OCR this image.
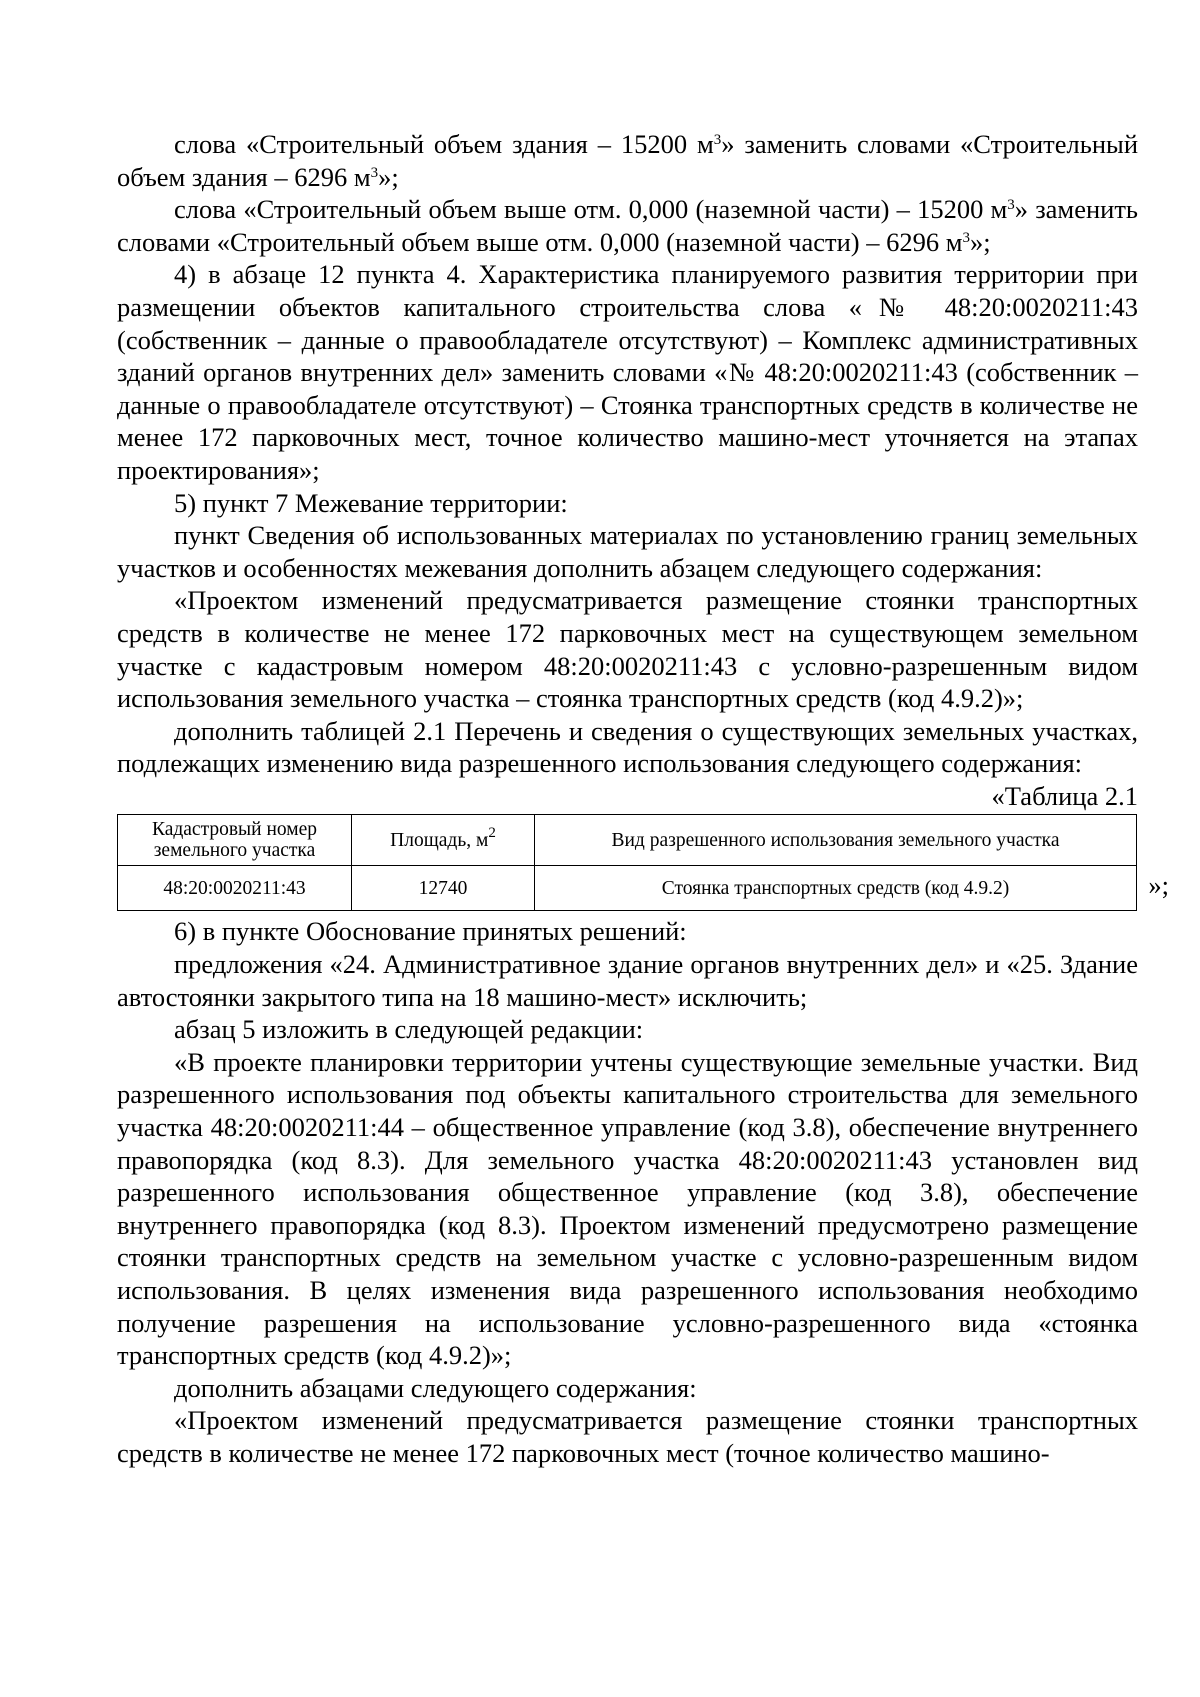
слова «Строительный объем здания – 15200 $м^3$» заменить словами «Строительный объем здания – 6296 $м^3$»;

слова «Строительный объем выше отм. 0,000 (наземной части) – 15200 $м^3$» заменить словами «Строительный объем выше отм. 0,000 (наземной части) – 6296 $м^3$»;

4) в абзаце 12 пункта 4. Характеристика планируемого развития территории при размещении объектов капитального строительства слова «№ 48:20:0020211:43 (собственник – данные о правообладателе отсутствуют) – Комплекс административных зданий органов внутренних дел» заменить словами «№ 48:20:0020211:43 (собственник – данные о правообладателе отсутствуют) – Стоянка транспортных средств в количестве не менее 172 парковочных мест, точное количество машино-мест уточняется на этапах проектирования»;

5) пункт 7 Межевание территории:

пункт Сведения об использованных материалах по установлению границ земельных участков и особенностях межевания дополнить абзацем следующего содержания:

«Проектом изменений предусматривается размещение стоянки транспортных средств в количестве не менее 172 парковочных мест на существующем земельном участке с кадастровым номером 48:20:0020211:43 с условно-разрешенным видом использования земельного участка – стоянка транспортных средств (код 4.9.2)»;

дополнить таблицей 2.1 Перечень и сведения о существующих земельных участках, подлежащих изменению вида разрешенного использования следующего содержания:

«Таблица 2.1

Кадастровый номер земельного участка	Площадь, $м^2$	Вид разрешенного использования земельного участка
48:20:0020211:43	12740	Стоянка транспортных средств (код 4.9.2)	»;

6) в пункте Обоснование принятых решений:

предложения «24. Административное здание органов внутренних дел» и «25. Здание автостоянки закрытого типа на 18 машино-мест» исключить;

абзац 5 изложить в следующей редакции:

«В проекте планировки территории учтены существующие земельные участки. Вид разрешенного использования под объекты капитального строительства для земельного участка 48:20:0020211:44 – общественное управление (код 3.8), обеспечение внутреннего правопорядка (код 8.3). Для земельного участка 48:20:0020211:43 установлен вид разрешенного использования общественное управление (код 3.8), обеспечение внутреннего правопорядка (код 8.3). Проектом изменений предусмотрено размещение стоянки транспортных средств на земельном участке с условно-разрешенным видом использования. В целях изменения вида разрешенного использования необходимо получение разрешения на использование условно-разрешенного вида «стоянка транспортных средств (код 4.9.2)»;

дополнить абзацами следующего содержания:

«Проектом изменений предусматривается размещение стоянки транспортных средств в количестве не менее 172 парковочных мест (точное количество машино-
